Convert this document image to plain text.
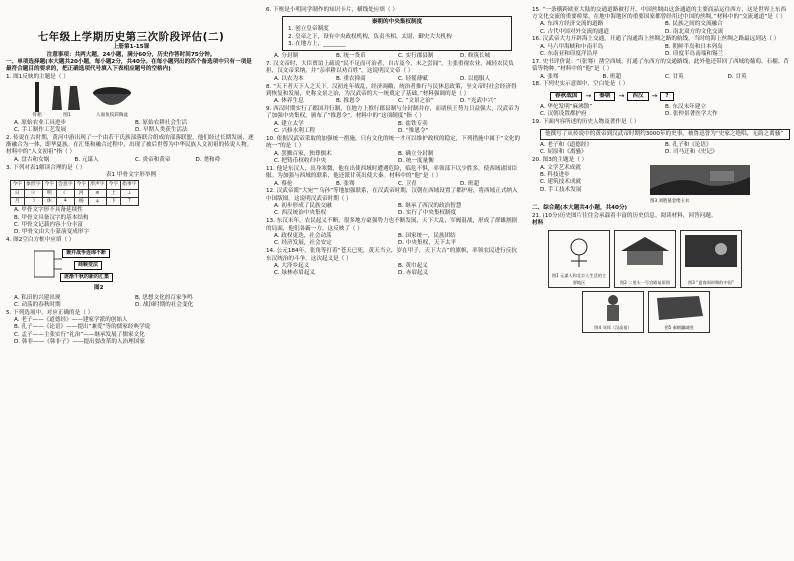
七年级上学期历史第三次阶段评估(二)
上册第1-15课
注意事项：共两大题，24小题，满分60分，历史作答时间75分钟。
一、单项选择题(本大题共20小题，每小题2分，共40分。在每小题列出的四个备选项中只有一项是最符合题目的要求的，把正确选项代号填入下表相应题号的空格内)
1. 图1反映的主题是（ ）
骨耜	图1	人面鱼纹彩陶盆
A. 原始农业工具进步	B. 原始农耕社会生活
C. 手工制作工艺发展	D. 早期人类获生活法
2. 传说在古时期，黄河中游出现了一个由若干氏族部落联合组成的部落联盟，他们经过长期发展，逐渐融合为一体，即华夏族。在汇集和融合过程中，出现了被后世尊为中华民族人文初祖的传说人物。材料中的“人文初祖”指（ ）
A. 盘古和女娲	B. 元谋人	C. 炎帝和黄帝	D. 尧和舜
3. 下列对表1解读合理的是（ ）
表1 甲骨文字形举例
今字	象形字	今字	会意字	今字	形声字	今字	指事字
日	☉	明	☾	河	≋	上	⊥
月	☽	休	⚘	杨	⚶	下	⊤
A. 甲骨文字形不具备延续性
B. 甲骨文具备汉字的基本结构
C. 甲骨文记载内容十分丰富
D. 甲骨文由大小篆演变成形字
4. 图2空白方框中应填（ ）
兼并战争连绵不断
商鞅变法
逐渐千秋的新的汇集
图2
A. 私田的兴建出现	B. 思想文化的百家争鸣
C. 动荡的春秋时期	D. 战国时期的社会变化
5. 下列选项中，对应正确的是（ ）
A. 老子——《道德经》——建家学派的创始人
B. 孔子——《论语》——提出“兼爱”等的儒家经典学说
C. 孟子——主张实行“礼治”——继承发展了儒家文化
D. 韩非——《韩非子》——提出要改革的人治理国家
6. 下框是小明同学制作的知识卡片，横线处应填（ ）
秦朝的中央集权制度
1. 创立皇帝制度
2. 皇帝之下，设有中央政权机构，负责丞相、太尉、御史大夫机构
3. 在地方上，________
A. 分封制	B. 统一货币	C. 实行郡县制	D. 修筑长城
7. 汉文帝时，大臣贾谊上疏说“民不足而可治者，自古及今，未之尝闻”，主张重视农业，减轻农民负担，汉文帝采纳，并“亲率耕以劝百姓”。这说明汉文帝（ ）
A. 以农为本	B. 重农抑商	C. 轻徭薄赋	D. 以德服人
8. “天下者天下人之天下。汉初连年战乱，经济凋敝，统治者推行与民休息政策，至文帝时社会经济得到恢复和发展，史称文景之治，为汉武帝的大一统奠定了基础。”材料强调的是（ ）
A. 休养生息	B. 推恩令	C. “文景之治”	D. “光武中兴”
9. 西汉时期实行了郡国并行制，在地方上推行郡县制与分封制并存，而诸侯王势力日益强大，汉武帝为了加强中央集权，颁布了“推恩令”。材料中的“这项制度”指（ ）
A. 建立太学	B. 盐铁专卖
C. 兴修水利工程	D. “推恩令”
10. 依据汉武帝采取的加强统一措施，只有文化的统一才可以维护政权的稳定，下列措施中属于“文化的统一”的是（ ）
A. 罢黜百家，独尊儒术	B. 确立分封制
C. 把铸币权收归中央	D. 统一度量衡
11. 他是东汉人，出身寒微，他在出使西域时遭遇危险，临危不惧，率领部下以少胜多，使西域诸国臣服。为加强与西域的联系，他还派甘英出使大秦。材料中的“他”是（ ）
A. 蔡伦	B. 张骞	C. 卫青	D. 班超
12. 汉武帝派“大宛”“乌孙”等地加强联系，在汉武帝时期，汉朝在西域设置了都护府，将西域正式纳入中国版图。这说明汉武帝时期（ ）
A. 初步形成了民族交融	B. 继承了西汉的政治智慧
C. 西汉统治中央集权	D. 实行了中央集权制度
13. 东汉末年，农民起义不断，很多地方豪强势力也不断发展，天下大乱，军阀混战，形成了群雄割据的局面，他们各霸一方。这反映了（ ）
A. 政权更迭，社会动荡	B. 国家统一，民族团结
C. 经济发展，社会安定	D. 中央集权，天下太平
14. 公元184年，张角等打着“苍天已死，黄天当立，岁在甲子，天下大吉”的旗帜，率领农民进行反抗东汉统治的斗争，这次起义是（ ）
A. 大泽乡起义	B. 黄巾起义
C. 绿林赤眉起义	D. 赤眉起义
15. “一条横跨欧亚大陆的交通道路被打开，中国丝绸由这条通道的主要商品运往西方，这是世界上东西方文化交流的重要桥梁。在地中海地区的重要国家都曾经用过中国的丝绸，”材料中的“交流通道”是（ ）
A. 东西方经济交流的道路	B. 民族之间的交流融合
C. 古代中国对外交流的通道	D. 南北双方的文化交流
16. 汉武帝大力开辟海上交通，开通了沟通海上丝绸之路的航线，当时的海上丝绸之路最远到达（ ）
A. 马六甲海峡和中南半岛	B. 朝鲜半岛和日本列岛
C. 东南亚和印度洋沿岸	D. 印度半岛南端和锡兰
17. 史书评价说：“（张骞）凿空西域，打通了东西方的交通路线，此外他还带回了西域的葡萄、石榴、苜蓿等物种。”材料中的“他”是（ ）
A. 张骞	B. 班超	C. 甘英	D. 甘英
18. 下列史实示意图中，空白处是（ ）
春秋战国	→	秦朝	→	西汉	→	?
A. 华佗发明“麻沸散”	B. 东汉末年建立
C. 汉朝设置都护府	D. 张仲景著医学大作
19. 下面内容所述的历史人物及著作是（ ）
他撰写了从传说中的黄帝到汉武帝时期约3000年的史事，被鲁迅誉为“史家之绝唱，无韵之离骚”
A. 老子和《道德经》	B. 孔子和《论语》
C. 屈原和《离骚》	D. 司马迁和《史记》
20. 图3的主题是（ ）
A. 文学艺术成就
B. 科技进步
C. 建筑技术成就
D. 手工技术发展
图3 刘胜墓金缕玉衣
二、综合题(本大题共4小题，共40分)
21. (10分)历史图片往往会承载着丰富的历史信息。阅读材料，回答问题。
材料
图1 元谋人和北京人生活的主要地区	图2 二里头一号宫殿复原图	图3 “夏商周时期的中国”
图4 刘邦（汉高祖）	图5 秦朝疆域图
